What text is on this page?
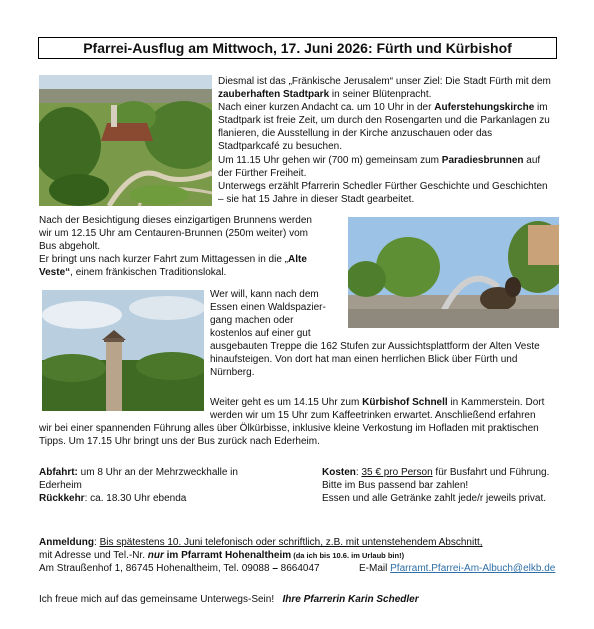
Pfarrei-Ausflug am Mittwoch, 17. Juni 2026: Fürth und Kürbishof

Diesmal ist das „Fränkische Jerusalem“ unser Ziel: Die Stadt Fürth mit dem

zauberhaften Stadtpark in seiner Blütenpracht.

Nach einer kurzen Andacht ca. um 10 Uhr in der Auferstehungskirche im

Stadtpark ist freie Zeit, um durch den Rosengarten und die Parkanlagen zu

flanieren, die Ausstellung in der Kirche anzuschauen oder das

Stadtparkcafé zu besuchen.

Um 11.15 Uhr gehen wir (700 m) gemeinsam zum Paradiesbrunnen auf

der Fürther Freiheit.

Unterwegs erzählt Pfarrerin Schedler Fürther Geschichte und Geschichten

– sie hat 15 Jahre in dieser Stadt gearbeitet.

Nach der Besichtigung dieses einzigartigen Brunnens werden

wir um 12.15 Uhr am Centauren-Brunnen (250m weiter) vom

Bus abgeholt.

Er bringt uns nach kurzer Fahrt zum Mittagessen in die „Alte

Veste“, einem fränkischen Traditionslokal.

Wer will, kann nach dem

Essen einen Waldspazier-

gang machen oder

kostenlos auf einer gut

ausgebauten Treppe die 162 Stufen zur Aussichtsplattform der Alten Veste

hinaufsteigen. Von dort hat man einen herrlichen Blick über Fürth und

Nürnberg.

Weiter geht es um 14.15 Uhr zum Kürbishof Schnell in Kammerstein. Dort

werden wir um 15 Uhr zum Kaffeetrinken erwartet. Anschließend erfahren

wir bei einer spannenden Führung alles über Ölkürbisse, inklusive kleine Verkostung im Hofladen mit praktischen

Tipps. Um 17.15 Uhr bringt uns der Bus zurück nach Ederheim.

Abfahrt: um 8 Uhr an der Mehrzweckhalle in

Ederheim

Rückkehr: ca. 18.30 Uhr ebenda

Kosten: 35 € pro Person für Busfahrt und Führung.

Bitte im Bus passend bar zahlen!

Essen und alle Getränke zahlt jede/r jeweils privat.

Anmeldung: Bis spätestens 10. Juni telefonisch oder schriftlich, z.B. mit untenstehendem Abschnitt,

mit Adresse und Tel.-Nr. nur im Pfarramt Hohenaltheim (da ich bis 10.6. im Urlaub bin!)

Am Straußenhof 1, 86745 Hohenaltheim, Tel. 09088 – 8664047	E-Mail Pfarramt.Pfarrei-Am-Albuch@elkb.de

Ich freue mich auf das gemeinsame Unterwegs-Sein! Ihre Pfarrerin Karin Schedler
